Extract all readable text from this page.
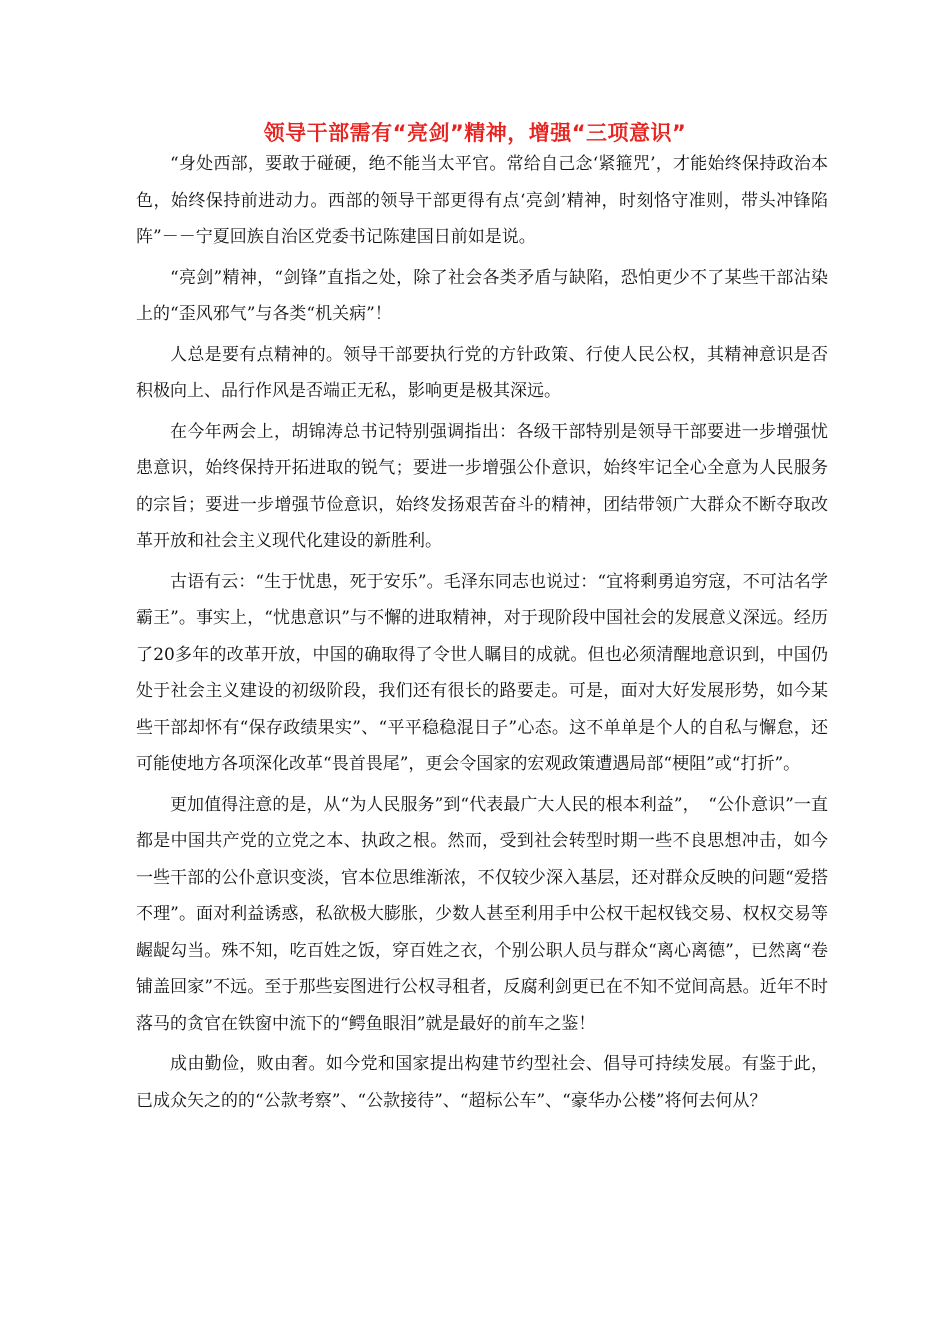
领导干部需有“亮剑”精神，增强“三项意识”

“身处西部，要敢于碰硬，绝不能当太平官。常给自己念‘紧箍咒’，才能始终保持政治本色，始终保持前进动力。西部的领导干部更得有点‘亮剑’精神，时刻恪守准则，带头冲锋陷阵”－－宁夏回族自治区党委书记陈建国日前如是说。

“亮剑”精神，“剑锋”直指之处，除了社会各类矛盾与缺陷，恐怕更少不了某些干部沾染上的“歪风邪气”与各类“机关病”！

人总是要有点精神的。领导干部要执行党的方针政策、行使人民公权，其精神意识是否积极向上、品行作风是否端正无私，影响更是极其深远。

在今年两会上，胡锦涛总书记特别强调指出：各级干部特别是领导干部要进一步增强忧患意识，始终保持开拓进取的锐气；要进一步增强公仆意识，始终牢记全心全意为人民服务的宗旨；要进一步增强节俭意识，始终发扬艰苦奋斗的精神，团结带领广大群众不断夺取改革开放和社会主义现代化建设的新胜利。

古语有云：“生于忧患，死于安乐”。毛泽东同志也说过：“宜将剩勇追穷寇，不可沽名学霸王”。事实上，“忧患意识”与不懈的进取精神，对于现阶段中国社会的发展意义深远。经历了20多年的改革开放，中国的确取得了令世人瞩目的成就。但也必须清醒地意识到，中国仍处于社会主义建设的初级阶段，我们还有很长的路要走。可是，面对大好发展形势，如今某些干部却怀有“保存政绩果实”、“平平稳稳混日子”心态。这不单单是个人的自私与懈怠，还可能使地方各项深化改革“畏首畏尾”，更会令国家的宏观政策遭遇局部“梗阻”或“打折”。

更加值得注意的是，从“为人民服务”到“代表最广大人民的根本利益”，　“公仆意识”一直都是中国共产党的立党之本、执政之根。然而，受到社会转型时期一些不良思想冲击，如今一些干部的公仆意识变淡，官本位思维渐浓，不仅较少深入基层，还对群众反映的问题“爱搭不理”。面对利益诱惑，私欲极大膨胀，少数人甚至利用手中公权干起权钱交易、权权交易等龌龊勾当。殊不知，吃百姓之饭，穿百姓之衣，个别公职人员与群众“离心离德”，已然离“卷铺盖回家”不远。至于那些妄图进行公权寻租者，反腐利剑更已在不知不觉间高悬。近年不时落马的贪官在铁窗中流下的“鳄鱼眼泪”就是最好的前车之鉴！

成由勤俭，败由奢。如今党和国家提出构建节约型社会、倡导可持续发展。有鉴于此，已成众矢之的的“公款考察”、“公款接待”、“超标公车”、“豪华办公楼”将何去何从？
